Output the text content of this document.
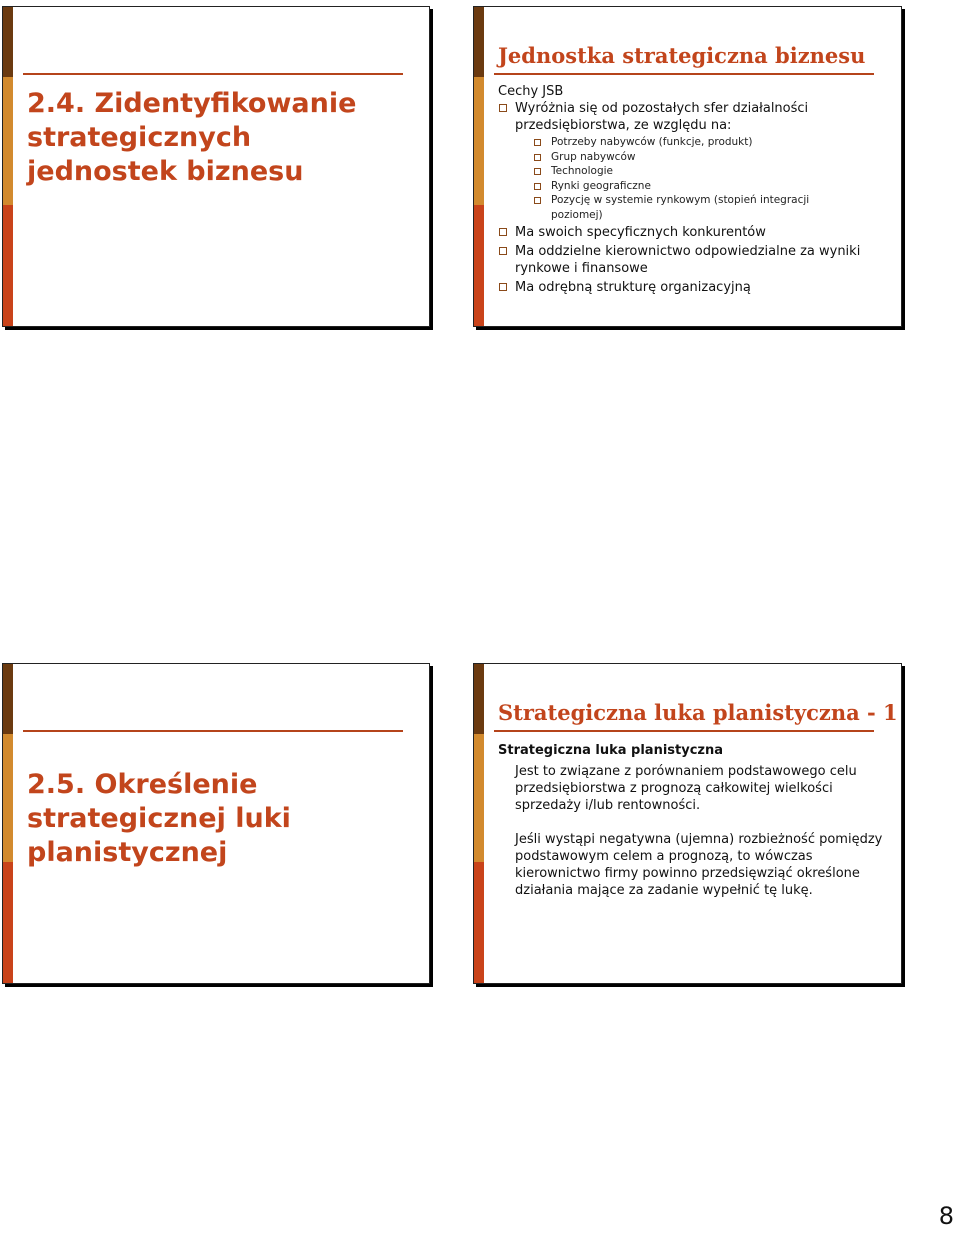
2.4. Zidentyfikowanie strategicznych jednostek biznesu
Jednostka strategiczna biznesu
Cechy JSB
Wyróżnia się od pozostałych sfer działalności przedsiębiorstwa, ze względu na:
Potrzeby nabywców (funkcje, produkt)
Grup nabywców
Technologie
Rynki geograficzne
Pozycję w systemie rynkowym (stopień integracji poziomej)
Ma swoich specyficznych konkurentów
Ma oddzielne kierownictwo odpowiedzialne za wyniki rynkowe i finansowe
Ma odrębną strukturę organizacyjną
2.5. Określenie strategicznej luki planistycznej
Strategiczna luka planistyczna - 1
Strategiczna luka planistyczna

Jest to związane z porównaniem podstawowego celu przedsiębiorstwa z prognozą całkowitej wielkości sprzedaży i/lub rentowności.

Jeśli wystąpi negatywna (ujemna) rozbieżność pomiędzy podstawowym celem a prognozą, to wówczas kierownictwo firmy powinno przedsięwziąć określone działania mające za zadanie wypełnić tę lukę.

8
